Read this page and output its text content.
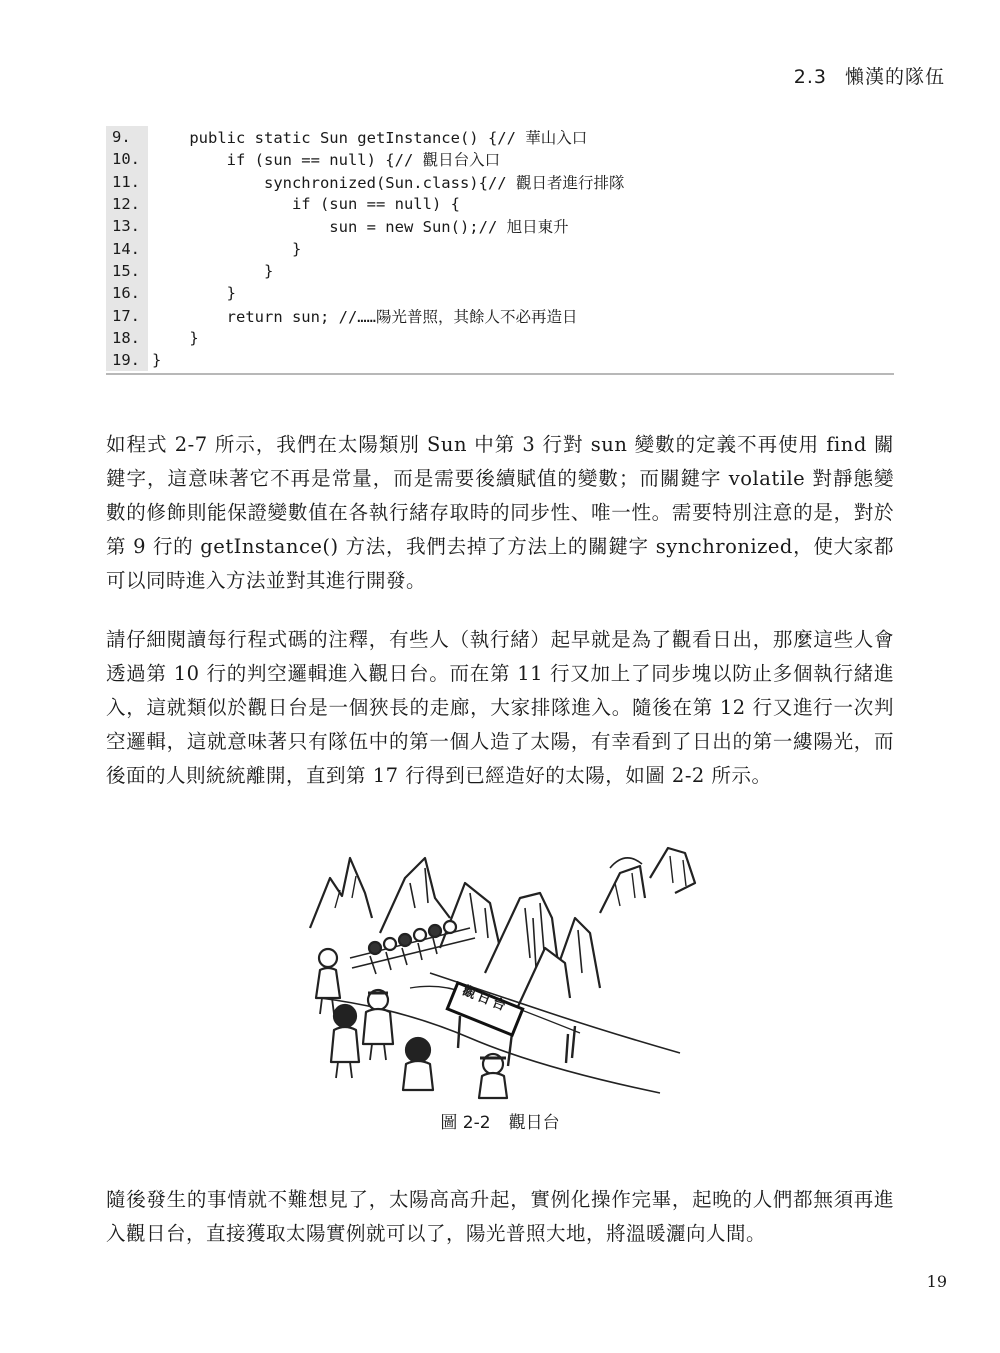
2.3 懶漢的隊伍
9.	public static Sun getInstance() {// 華山入口
10. if (sun == null) {// 觀日台入口
11. synchronized(Sun.class){// 觀日者進行排隊
12. if (sun == null) {
13. sun = new Sun();// 旭日東升
14. }
15. }
16. }
17. return sun; //……陽光普照，其餘人不必再造日
18. }
19. }

如程式 2-7 所示，我們在太陽類別 Sun 中第 3 行對 sun 變數的定義不再使用 find 關鍵字，這意味著它不再是常量，而是需要後續賦值的變數；而關鍵字 volatile 對靜態變數的修飾則能保證變數值在各執行緒存取時的同步性、唯一性。需要特別注意的是，對於第 9 行的 getInstance() 方法，我們去掉了方法上的關鍵字 synchronized，使大家都可以同時進入方法並對其進行開發。

請仔細閱讀每行程式碼的注釋，有些人（執行緒）起早就是為了觀看日出，那麼這些人會透過第 10 行的判空邏輯進入觀日台。而在第 11 行又加上了同步塊以防止多個執行緒進入，這就類似於觀日台是一個狹長的走廊，大家排隊進入。隨後在第 12 行又進行一次判空邏輯，這就意味著只有隊伍中的第一個人造了太陽，有幸看到了日出的第一縷陽光，而後面的人則統統離開，直到第 17 行得到已經造好的太陽，如圖 2-2 所示。

觀日台
圖 2-2 觀日台

隨後發生的事情就不難想見了，太陽高高升起，實例化操作完畢，起晚的人們都無須再進入觀日台，直接獲取太陽實例就可以了，陽光普照大地，將溫暖灑向人間。

19
